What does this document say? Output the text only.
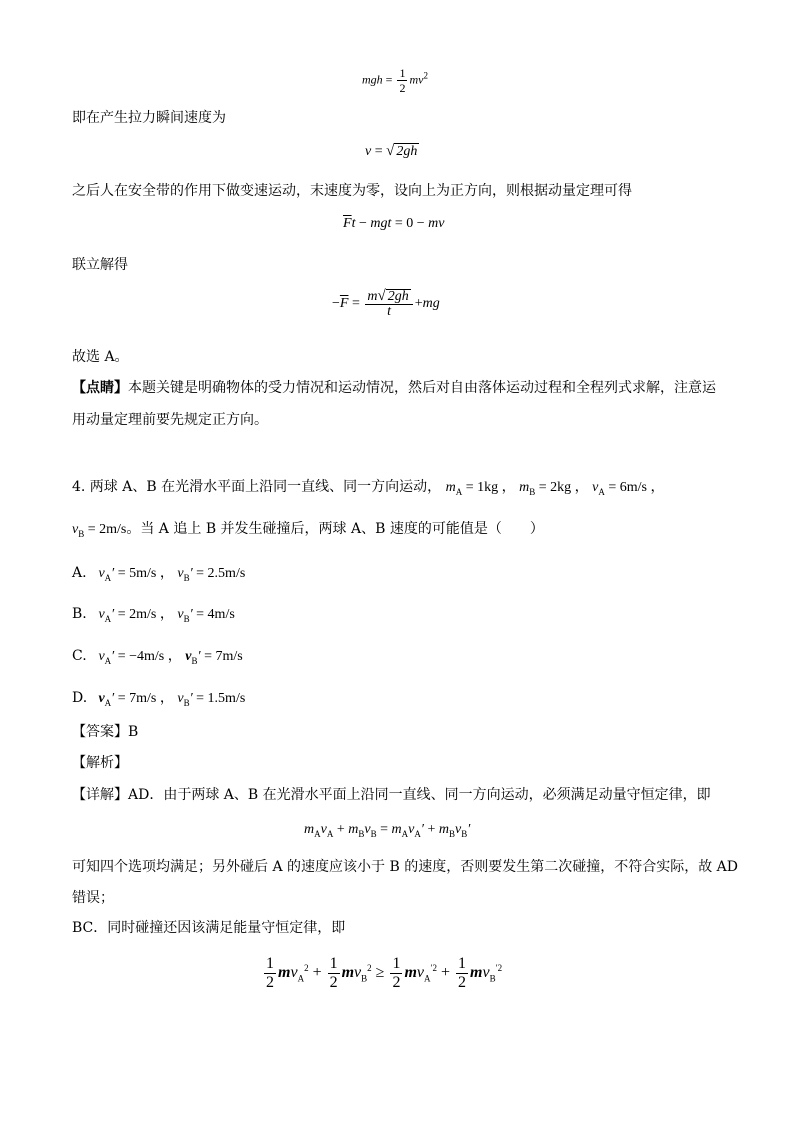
mgh = $\frac{1}{2} mv^2$
即在产生拉力瞬间速度为
v = √ 2gh
之后人在安全带的作用下做变速运动，末速度为零，设向上为正方向，则根据动量定理可得
$\overline{F}t$ − mgt = 0 − mv
联立解得
$-\overline{F} = \frac{m√ 2gh}{t} +mg$
故选 A。
【点睛】本题关键是明确物体的受力情况和运动情况，然后对自由落体运动过程和全程列式求解，注意运
用动量定理前要先规定正方向。
4. 两球 A、B 在光滑水平面上沿同一直线、同一方向运动， $m_A = 1kg$ ， $m_B = 2kg$ ， $v_A = 6m/s$ ，
$v_B = 2m/s$。当 A 追上 B 并发生碰撞后，两球 A、B 速度的可能值是（　　）
A. $v_A' = 5m/s$ ， $v_B' = 2.5m/s$
B. $v_A' = 2m/s$ ， $v_B' = 4m/s$
C. $v_A' = -4m/s$ ， $v_B' = 7m/s$
D. $v_A' = 7m/s$ ， $v_B' = 1.5m/s$
【答案】B
【解析】
【详解】AD．由于两球 A、B 在光滑水平面上沿同一直线、同一方向运动，必须满足动量守恒定律，即
$m_Av_A + m_Bv_B = m_Av_A' + m_Bv_B'$
可知四个选项均满足；另外碰后 A 的速度应该小于 B 的速度，否则要发生第二次碰撞，不符合实际，故 AD
错误；
BC．同时碰撞还因该满足能量守恒定律，即
$\frac{1}{2} mv_A^2 + \frac{1}{2} mv_B^2 \ge \frac{1}{2} mv_A^{'2} + \frac{1}{2} mv_B^{'2}$
